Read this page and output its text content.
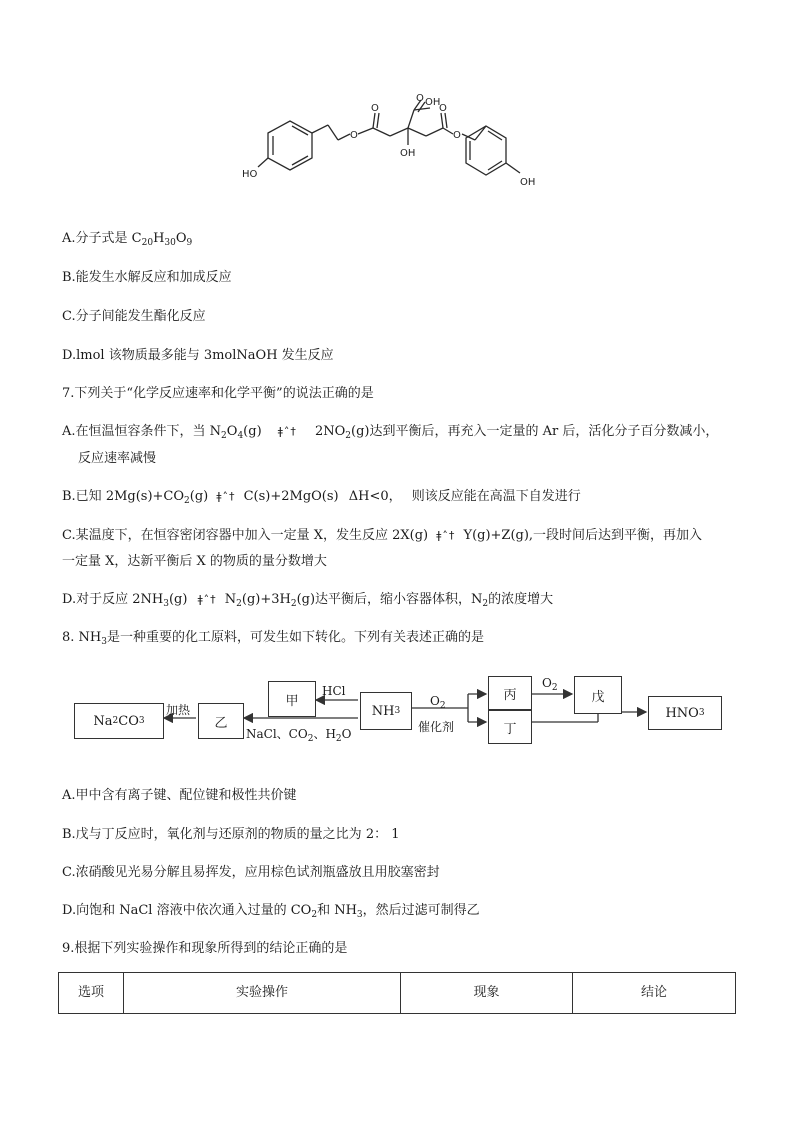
OH
O
O
O
OH
O
O
HO
OH
A.分子式是 $C_{20}H_{30}O_9$
B.能发生水解反应和加成反应
C.分子间能发生酯化反应
D.lmol 该物质最多能与 3molNaOH 发生反应
7.下列关于“化学反应速率和化学平衡”的说法正确的是
A.在恒温恒容条件下，当 $N_2O_4(g)$ ǂ˄† $2NO_2(g)$达到平衡后，再充入一定量的 Ar 后，活化分子百分数减小，
反应速率减慢
B.已知 $2Mg(s)+CO_2(g)$ ǂ˄† C(s)+2MgO(s) ΔH<0， 则该反应能在高温下自发进行
C.某温度下，在恒容密闭容器中加入一定量 X，发生反应 2X(g) ǂ˄† Y(g)+Z(g),一段时间后达到平衡，再加入
一定量 X，达新平衡后 X 的物质的量分数增大
D.对于反应 $2NH_3(g)$ ǂ˄† $N_2(g)+3H_2(g)$达平衡后，缩小容器体积，$N_2$的浓度增大
8. $NH_3$是一种重要的化工原料，可发生如下转化。下列有关表述正确的是
Na 2 CO 3	乙
甲
NH 3
丙
丁
戊
HNO 3
加热
HCl
NaCl、$CO_2$、$H_2O$
$O_2$
催化剂
$O_2$
A.甲中含有离子键、配位键和极性共价键
B.戊与丁反应时，氧化剂与还原剂的物质的量之比为 2： 1
C.浓硝酸见光易分解且易挥发，应用棕色试剂瓶盛放且用胶塞密封
D.向饱和 NaCl 溶液中依次通入过量的 $CO_2$和 $NH_3$，然后过滤可制得乙
9.根据下列实验操作和现象所得到的结论正确的是
选项	实验操作	现象	结论
